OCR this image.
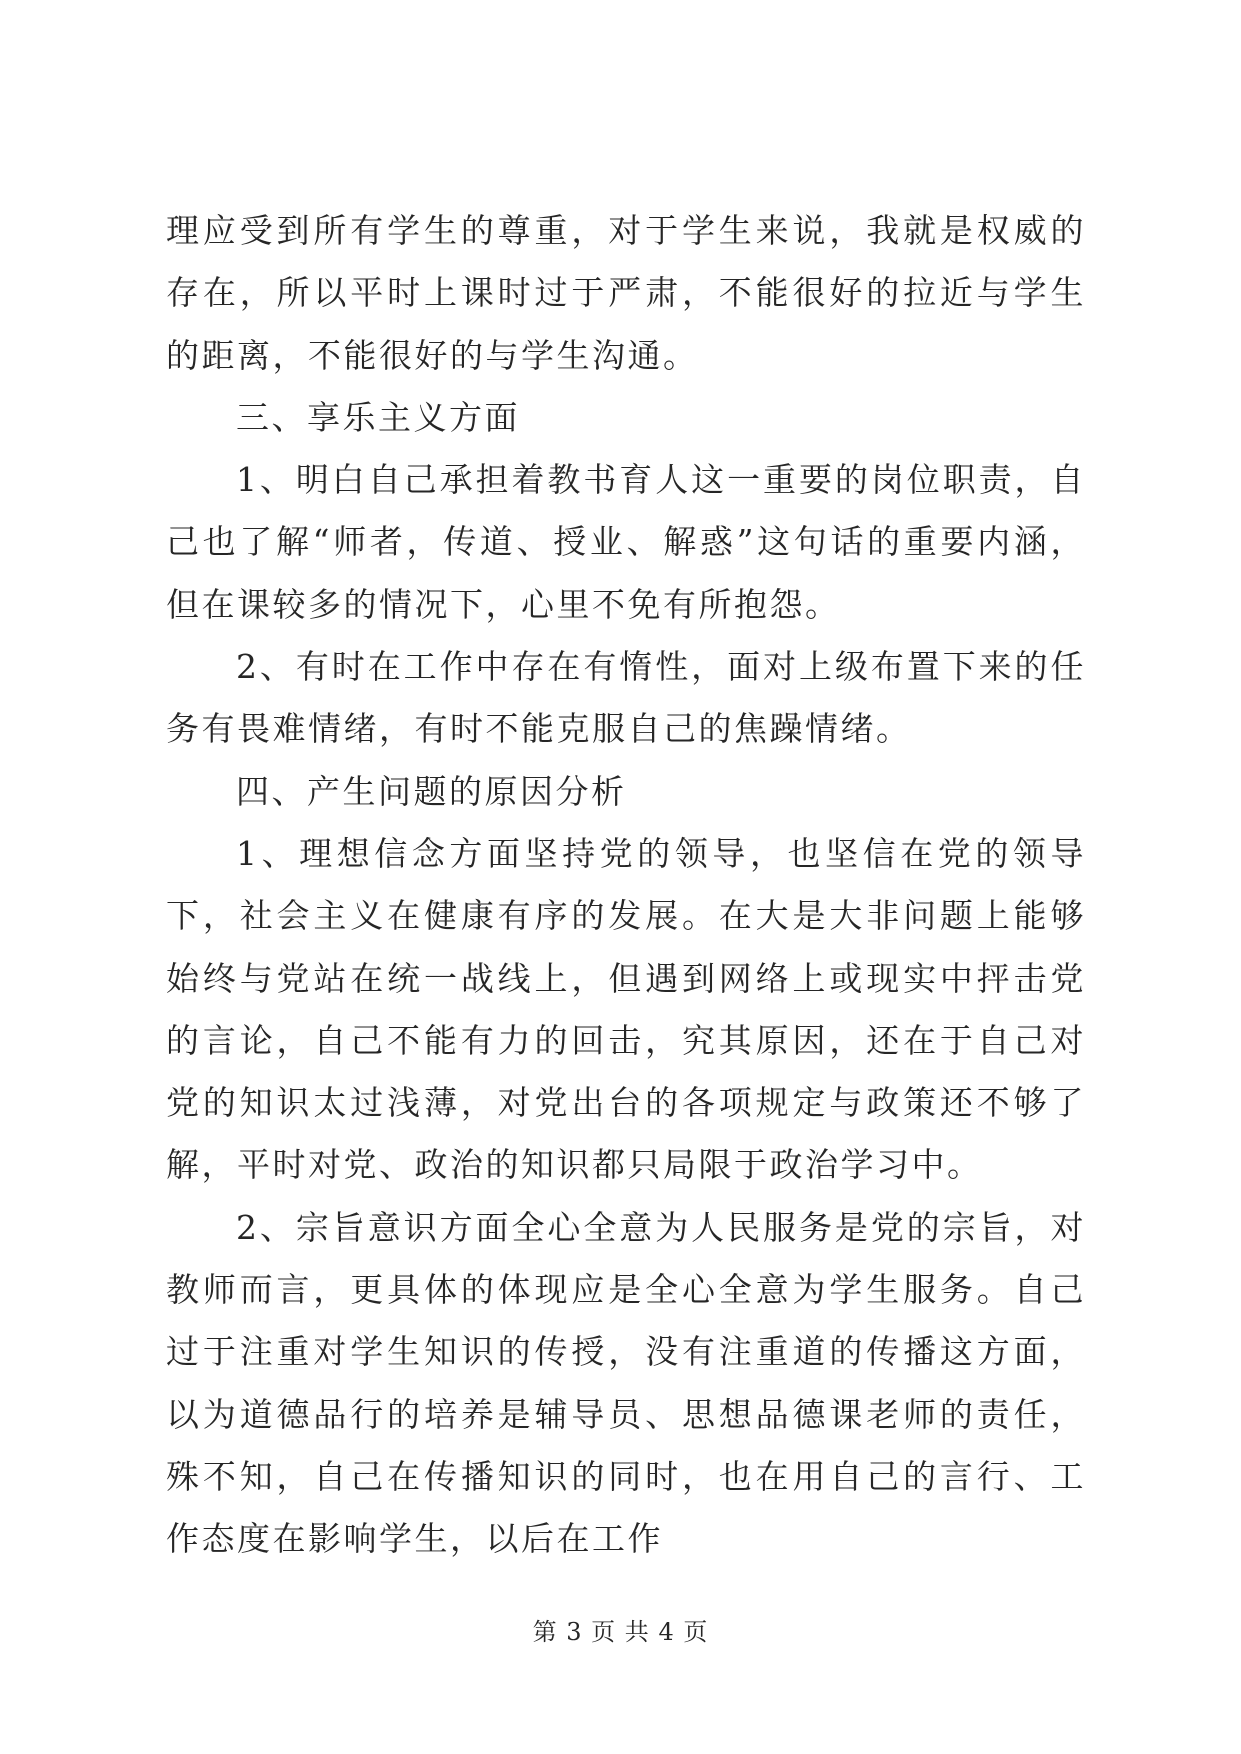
理应受到所有学生的尊重，对于学生来说，我就是权威的存在，所以平时上课时过于严肃，不能很好的拉近与学生的距离，不能很好的与学生沟通。

三、享乐主义方面

1、明白自己承担着教书育人这一重要的岗位职责，自己也了解“师者，传道、授业、解惑”这句话的重要内涵，但在课较多的情况下，心里不免有所抱怨。

2、有时在工作中存在有惰性，面对上级布置下来的任务有畏难情绪，有时不能克服自己的焦躁情绪。

四、产生问题的原因分析

1、理想信念方面坚持党的领导，也坚信在党的领导下，社会主义在健康有序的发展。在大是大非问题上能够始终与党站在统一战线上，但遇到网络上或现实中抨击党的言论，自己不能有力的回击，究其原因，还在于自己对党的知识太过浅薄，对党出台的各项规定与政策还不够了解，平时对党、政治的知识都只局限于政治学习中。

2、宗旨意识方面全心全意为人民服务是党的宗旨，对教师而言，更具体的体现应是全心全意为学生服务。自己过于注重对学生知识的传授，没有注重道的传播这方面，以为道德品行的培养是辅导员、思想品德课老师的责任，殊不知，自己在传播知识的同时，也在用自己的言行、工作态度在影响学生，以后在工作

第 3 页 共 4 页
